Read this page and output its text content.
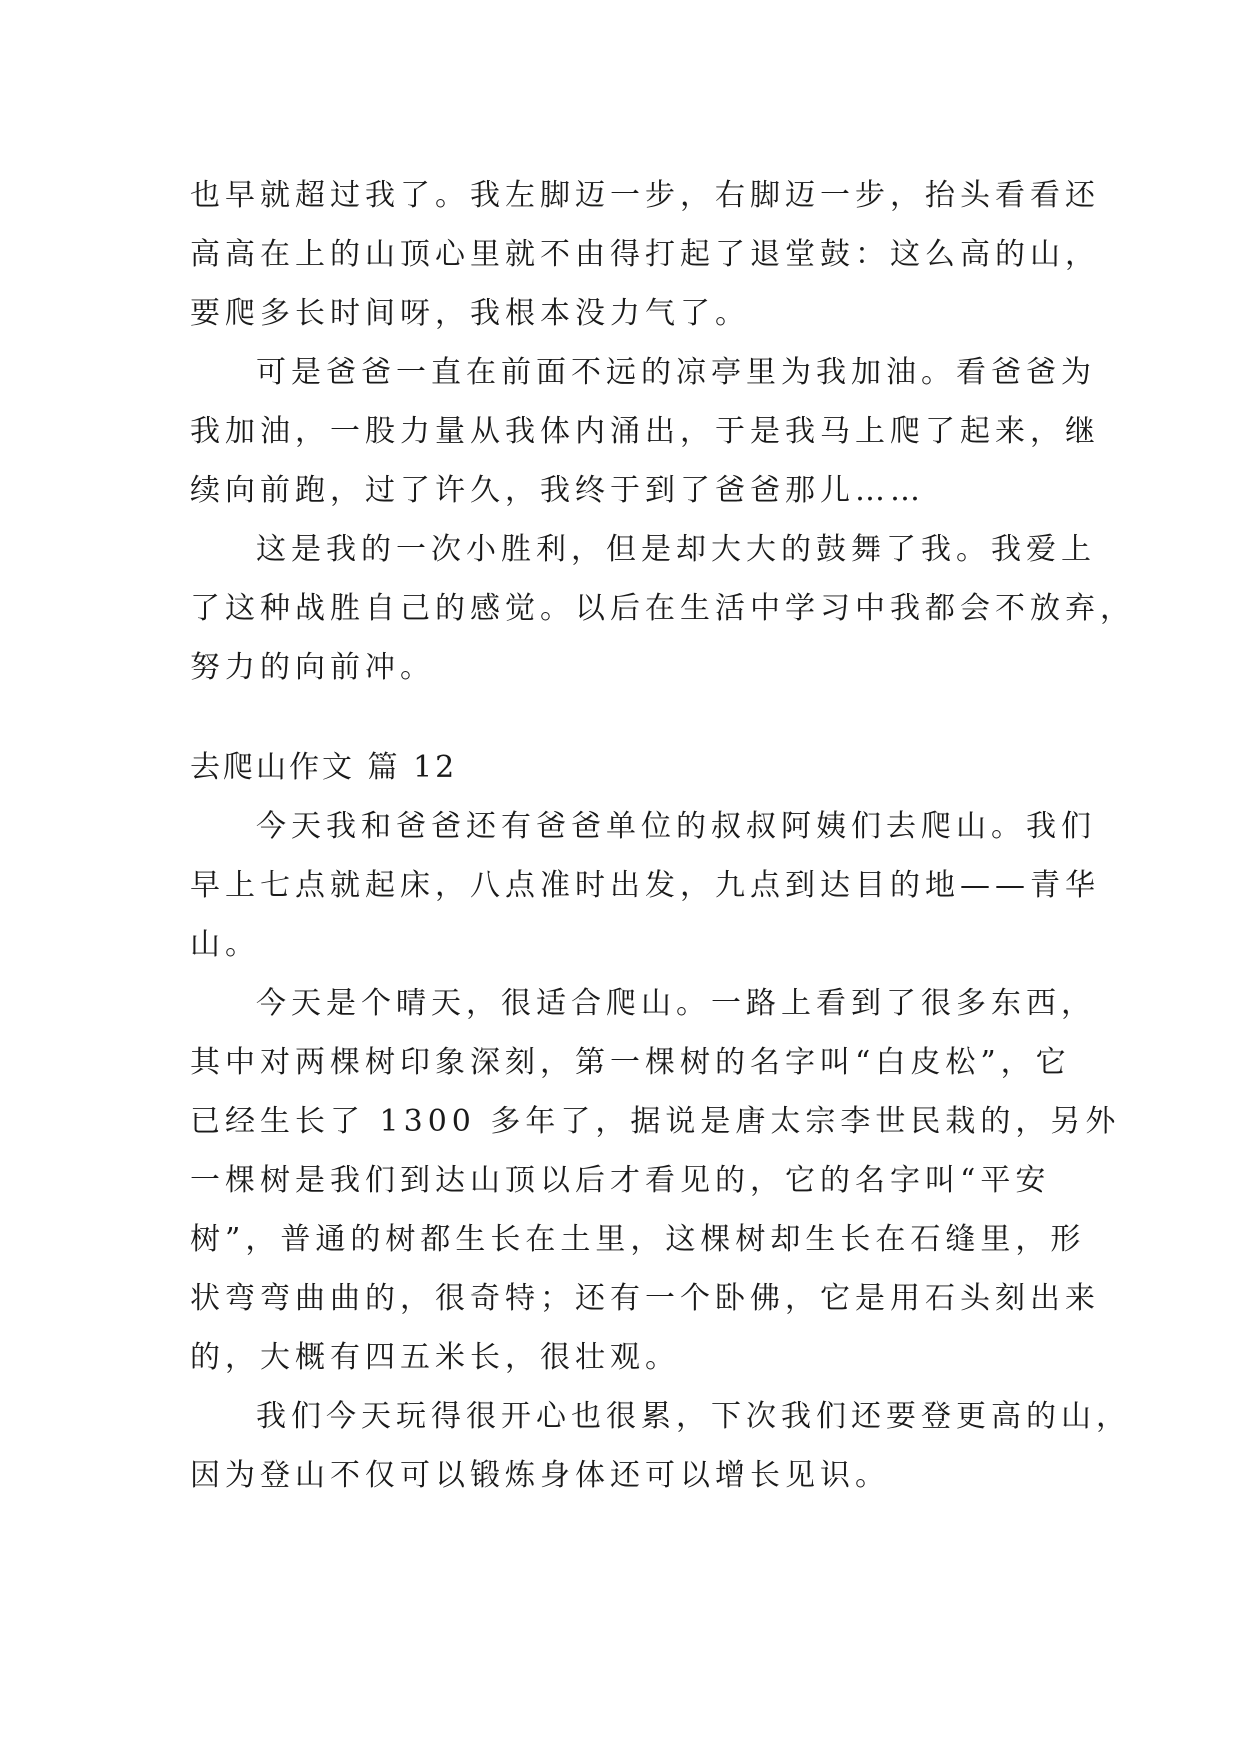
也早就超过我了。我左脚迈一步，右脚迈一步，抬头看看还
高高在上的山顶心里就不由得打起了退堂鼓：这么高的山，
要爬多长时间呀，我根本没力气了。
可是爸爸一直在前面不远的凉亭里为我加油。看爸爸为
我加油，一股力量从我体内涌出，于是我马上爬了起来，继
续向前跑，过了许久，我终于到了爸爸那儿……
这是我的一次小胜利，但是却大大的鼓舞了我。我爱上
了这种战胜自己的感觉。以后在生活中学习中我都会不放弃，
努力的向前冲。
去爬山作文 篇 12
今天我和爸爸还有爸爸单位的叔叔阿姨们去爬山。我们
早上七点就起床，八点准时出发，九点到达目的地——青华
山。
今天是个晴天，很适合爬山。一路上看到了很多东西，
其中对两棵树印象深刻，第一棵树的名字叫“白皮松”，它
已经生长了 1300 多年了，据说是唐太宗李世民栽的，另外
一棵树是我们到达山顶以后才看见的，它的名字叫“平安
树”，普通的树都生长在土里，这棵树却生长在石缝里，形
状弯弯曲曲的，很奇特；还有一个卧佛，它是用石头刻出来
的，大概有四五米长，很壮观。
我们今天玩得很开心也很累，下次我们还要登更高的山，
因为登山不仅可以锻炼身体还可以增长见识。
